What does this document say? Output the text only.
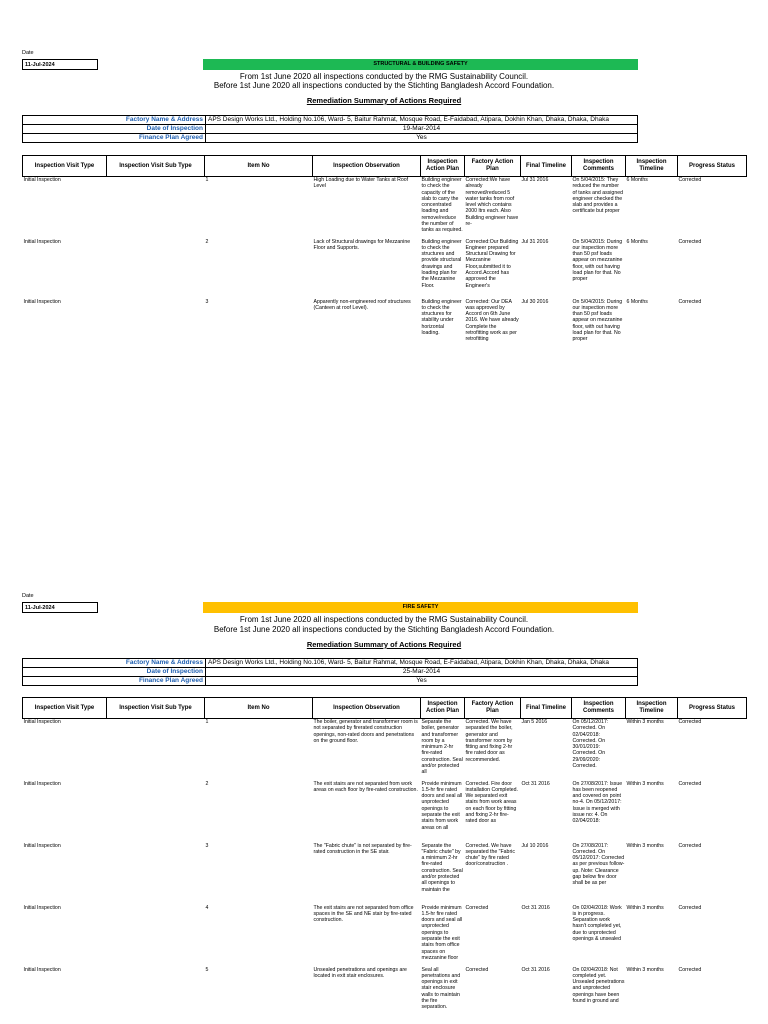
Date
11-Jul-2024	STRUCTURAL & BUILDING SAFETY
From 1st June 2020 all inspections conducted by the RMG Sustainability Council.
Before 1st June 2020 all inspections conducted by the Stichting Bangladesh Accord Foundation.
Remediation Summary of Actions Required
Factory Name & Address	APS Design Works Ltd., Holding No.106, Ward- 5, Baitur Rahmat, Mosque Road, E-Faidabad, Atipara, Dokhin Khan, Dhaka, Dhaka, Dhaka
Date of Inspection	19-Mar-2014
Finance Plan Agreed	Yes
Inspection Visit Type	Inspection Visit Sub Type	Item No	Inspection Observation	Inspection Action Plan	Factory Action Plan	Final Timeline	Inspection Comments	Inspection Timeline	Progress Status
Initial Inspection		1	High Loading due to Water Tanks at Roof Level	Building engineer to check the capacity of the slab to carry the concentrated loading and remove/reduce the number of tanks as required.	Corrected:We have already removed/reduced 5 water tanks from roof level which contains 2000 ltrs each. Also Building engineer have re-	Jul 31 2016	On 5/04/2015: They reduced the number of tanks and assigned engineer checked the slab and provides a certificate but proper	6 Months	Corrected
Initial Inspection		2	Lack of Structural drawings for Mezzanine Floor and Supports.	Building engineer to check the structures and provide structural drawings and loading plan for the Mezzanine Floor.	Corrected:Our Building Engineer prepared Structural Drawing for Mezzanine Floor,submitted it to Accord.Accord has approved the Engineer's	Jul 31 2016	On 5/04/2015: During our inspection more than 50 psf loads appear on mezzanine floor, with out having load plan for that. No proper	6 Months	Corrected
Initial Inspection		3	Apparently non-engineered roof structures (Canteen at roof Level).	Building engineer to check the structures for stability under horizontal loading.	Corrected: Our DEA was approved by Accord on 6th June 2016. We have already Complete the retrofitting work as per retrofitting	Jul 30 2016	On 5/04/2015: During our inspection more than 50 psf loads appear on mezzanine floor, with out having load plan for that. No proper	6 Months	Corrected
Date
11-Jul-2024	FIRE SAFETY
From 1st June 2020 all inspections conducted by the RMG Sustainability Council.
Before 1st June 2020 all inspections conducted by the Stichting Bangladesh Accord Foundation.
Remediation Summary of Actions Required
Factory Name & Address	APS Design Works Ltd., Holding No.106, Ward- 5, Baitur Rahmat, Mosque Road, E-Faidabad, Atipara, Dokhin Khan, Dhaka, Dhaka, Dhaka
Date of Inspection	25-Mar-2014
Finance Plan Agreed	Yes
Inspection Visit Type	Inspection Visit Sub Type	Item No	Inspection Observation	Inspection Action Plan	Factory Action Plan	Final Timeline	Inspection Comments	Inspection Timeline	Progress Status
Initial Inspection		1	The boiler, generator and transformer room is not separated by firerated construction openings, non-rated doors and penetrations on the ground floor.	Separate the boiler, generator and transformer room by a minimum 2-hr fire-rated construction. Seal and/or protected all	Corrected. We have separated the boiler, generator and transformer room by fitting and fixing 2-hr fire rated door as recommended.	Jan 5 2016	On 05/12/2017: Corrected. On 02/04/2018: Corrected. On 30/01/2019: Corrected. On 29/09/2020: Corrected.	Within 3 months	Corrected
Initial Inspection		2	The exit stairs are not separated from work areas on each floor by fire-rated construction.	Provide minimum 1.5-hr fire rated doors and seal all unprotected openings to separate the exit stairs from work areas on all	Corrected. Fire door installation Completed. We separated exit stairs from work areas on each floor by fitting and fixing 2-hr fire-rated door as	Oct 31 2016	On 27/08/2017: Issue has been reopened and covered on point no-4. On 05/12/2017: Issue is merged with issue no: 4. On 02/04/2018:	Within 3 months	Corrected
Initial Inspection		3	The "Fabric chute" is not separated by fire-rated construction in the SE stair.	Separate the "Fabric chute" by a minimum 2-hr fire-rated construction. Seal and/or protected all openings to maintain the	Corrected. We have separated the "Fabric chute" by fire rated door/construction .	Jul 10 2016	On 27/08/2017: Corrected. On 05/12/2017: Corrected as per previous follow-up. Note: Clearance gap below fire door shall be as per	Within 3 months	Corrected
Initial Inspection		4	The exit stairs are not separated from office spaces in the SE and NE stair by fire-rated construction.	Provide minimum 1.5-hr fire rated doors and seal all unprotected openings to separate the exit stairs from office spaces on mezzanine floor	Corrected	Oct 31 2016	On 02/04/2018: Work is in progress. Separation work hasn't completed yet, due to unprotected openings & unsealed	Within 3 months	Corrected
Initial Inspection		5	Unsealed penetrations and openings are located in exit stair enclosures.	Seal all penetrations and openings in exit stair enclosure walls to maintain the fire separation.	Corrected	Oct 31 2016	On 02/04/2018: Not completed yet. Unsealed penetrations and unprotected openings have been found in ground and	Within 3 months	Corrected
